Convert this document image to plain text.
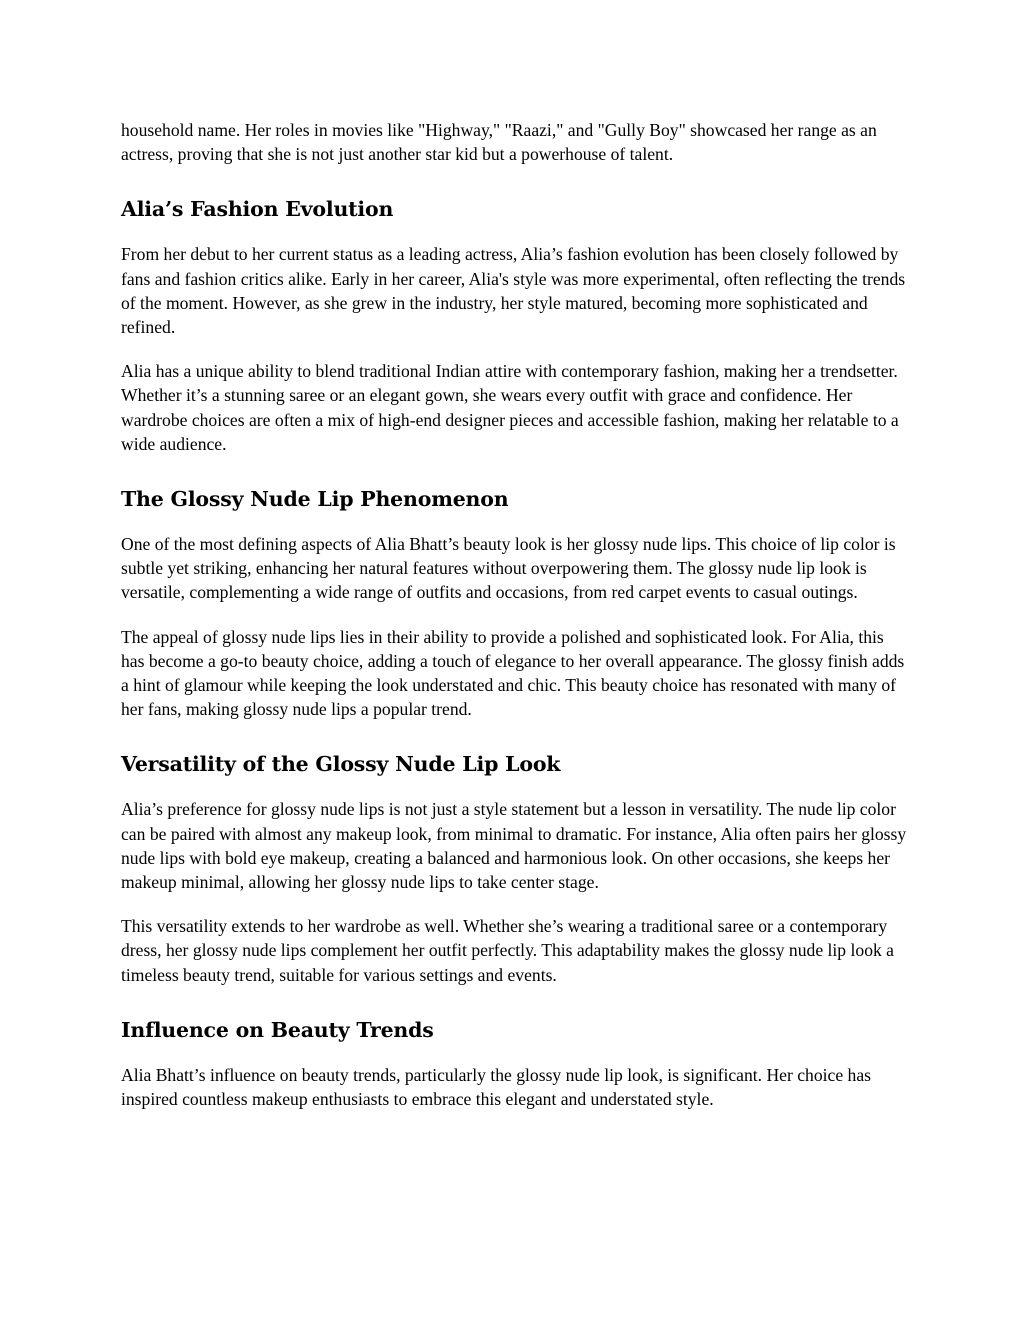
household name. Her roles in movies like "Highway," "Raazi," and "Gully Boy" showcased her range as an actress, proving that she is not just another star kid but a powerhouse of talent.

Alia’s Fashion Evolution

From her debut to her current status as a leading actress, Alia’s fashion evolution has been closely followed by fans and fashion critics alike. Early in her career, Alia's style was more experimental, often reflecting the trends of the moment. However, as she grew in the industry, her style matured, becoming more sophisticated and refined.

Alia has a unique ability to blend traditional Indian attire with contemporary fashion, making her a trendsetter. Whether it’s a stunning saree or an elegant gown, she wears every outfit with grace and confidence. Her wardrobe choices are often a mix of high-end designer pieces and accessible fashion, making her relatable to a wide audience.

The Glossy Nude Lip Phenomenon

One of the most defining aspects of Alia Bhatt’s beauty look is her glossy nude lips. This choice of lip color is subtle yet striking, enhancing her natural features without overpowering them. The glossy nude lip look is versatile, complementing a wide range of outfits and occasions, from red carpet events to casual outings.

The appeal of glossy nude lips lies in their ability to provide a polished and sophisticated look. For Alia, this has become a go-to beauty choice, adding a touch of elegance to her overall appearance. The glossy finish adds a hint of glamour while keeping the look understated and chic. This beauty choice has resonated with many of her fans, making glossy nude lips a popular trend.

Versatility of the Glossy Nude Lip Look

Alia’s preference for glossy nude lips is not just a style statement but a lesson in versatility. The nude lip color can be paired with almost any makeup look, from minimal to dramatic. For instance, Alia often pairs her glossy nude lips with bold eye makeup, creating a balanced and harmonious look. On other occasions, she keeps her makeup minimal, allowing her glossy nude lips to take center stage.

This versatility extends to her wardrobe as well. Whether she’s wearing a traditional saree or a contemporary dress, her glossy nude lips complement her outfit perfectly. This adaptability makes the glossy nude lip look a timeless beauty trend, suitable for various settings and events.

Influence on Beauty Trends

Alia Bhatt’s influence on beauty trends, particularly the glossy nude lip look, is significant. Her choice has inspired countless makeup enthusiasts to embrace this elegant and understated style.
